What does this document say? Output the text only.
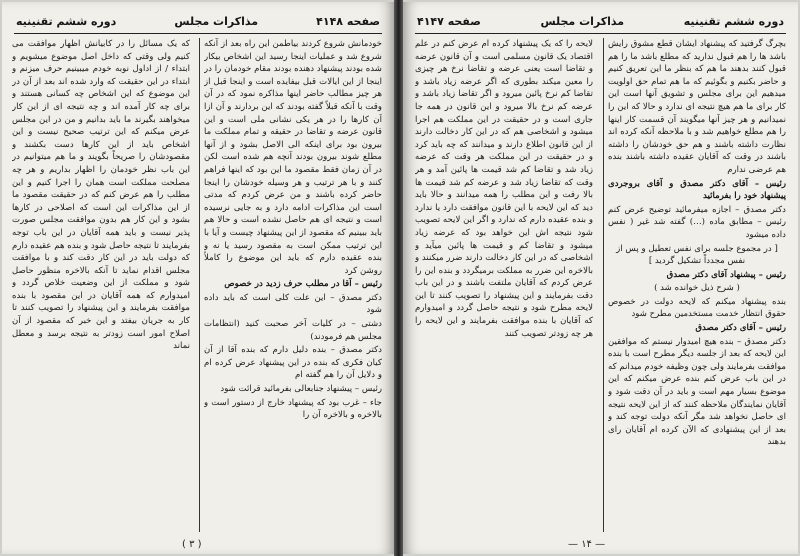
صفحه ۴۱۴۸
مذاکرات مجلس
دوره ششم تقنینیه

خودمانش شروع کردند بیاطمن این راه بعد از آنکه شروع شد و عملیات اینجا رسید این اشخاص بیکار شده بودند پیشنهاد دهنده بودند مقام خودمان را در اینجا از این ایالات قبل بیفایده است و اینجا قبل از هر چیز مطالب حاضر اینها مذاکره نمود که در آن وقت با آنکه قبلاً گفته بودند که این بردارند و آن ازا آن کارها را در هر یکی نشانی ملی است و این قانون عرضه و تقاضا در حقیقه و تمام مملکت ما بیرون بود برای اینکه الی الاصل بشود و از آنها مطلع شوند بیرون بودند آنچه هم شده است لکن در آن زمان فقط مقصود ما این بود که اینها فراهم کنند و با هر ترتیب و هر وسیله خودشان را اینجا حاضر کرده باشند و من عرض کردم که مدتی است این مذاکرات ادامه دارد و به جایی نرسیده است و نتیجه ای هم حاصل نشده است و حالا هم باید ببینیم که مقصود از این پیشنهاد چیست و آیا با این ترتیب ممکن است به مقصود رسید یا نه و بنده عقیده دارم که باید این موضوع را کاملاً روشن کرد

رئیس – آقا در مطلب حرف زدید در خصوص

دکتر مصدق – این علت کلی است که باید داده شود

دشتی – در کلیات آخر صحبت کنید (انتظامات مجلس هم فرمودند)

دکتر مصدق – بنده دلیل دارم که بنده آقا از آن کیان فکری که بنده در این پیشنهاد عرض کرده ام و دلایل آن را هم گفته ام

رئیس – پیشنهاد جنابعالی بفرمائید قرائت شود

جاء – غرب بود که پیشنهاد خارج از دستور است و بالاخره و بالاخره آن را

که یک مسائل را در کابیانش اظهار موافقت می کنیم ولی وقتی که داخل اصل موضوع میشویم و ابتداء / از اداول نوبه خودم میبینیم حرف میزنم و ابتداء در این حقیقت که وارد شده اند بعد از آن در این موضوع که این اشخاص چه کسانی هستند و برای چه کار آمده اند و چه نتیجه ای از این کار میخواهند بگیرند ما باید بدانیم و من در این مجلس عرض میکنم که این ترتیب صحیح نیست و این اشخاص باید از این کارها دست بکشند و مقصودشان را صریحاً بگویند و ما هم میتوانیم در این باب نظر خودمان را اظهار بداریم و هر چه مصلحت مملکت است همان را اجرا کنیم و این مطلب را هم عرض کنم که در حقیقت مقصود ما از این مذاکرات این است که اصلاحی در کارها بشود و این کار هم بدون موافقت مجلس صورت پذیر نیست و باید همه آقایان در این باب توجه بفرمایند تا نتیجه حاصل شود و بنده هم عقیده دارم که دولت باید در این کار دقت کند و با موافقت مجلس اقدام نماید تا آنکه بالاخره منظور حاصل شود و مملکت از این وضعیت خلاص گردد و امیدوارم که همه آقایان در این مقصود با بنده موافقت بفرمایند و این پیشنهاد را تصویب کنند تا کار به جریان بیفتد و این خبر که مقصود از آن اصلاح امور است زودتر به نتیجه برسد و معطل نماند

( ۳ )
دوره ششم تقنینیه
مذاکرات مجلس
صفحه ۴۱۴۷

بچرگ گرفتید که پیشنهاد ایشان قطع مشوق رایش باشد ها را هم قبول ندارید که مطلع باشد ما را هم قبول کنند بدهند ما هم که بنظر ما این تعریق کنیم و حاضر بکنیم و بگوئیم که ما هم تمام حق اولویت میدهیم این برای مجلس و تشویق آنها است این کار برای ما هم هیچ نتیجه ای ندارد و حالا که این را نمیدانیم و هر چیز آنها میگویند آن قسمت کار اینها را هم مطلع خواهیم شد و با ملاحظه آنکه کرده اند نظارت داشته باشند و هم حق خودشان را داشته باشند در وقت که آقایان عقیده داشته باشند بنده هم عرضی ندارم

رئیس – آقای دکتر مصدق و آقای بروجردی پیشنهاد خود را بفرمائید

دکتر مصدق – اجازه میفرمائید توضیح عرض کنم رئیس – مطابق ماده (…) گفته شد غیر ( نفس داده میشود

[ در مجموع جلسه برای نفس تعطیل و پس از نفس مجدداً تشکیل گردید ]

رئیس – پیشنهاد آقای دکتر مصدق

( شرح ذیل خوانده شد )

بنده پیشنهاد میکنم که لایحه دولت در خصوص حقوق انتظار خدمت مستخدمین مطرح شود

رئیس – آقای دکتر مصدق

دکتر مصدق – بنده هیچ امیدوار نیستم که موافقین این لایحه که بعد از جلسه دیگر مطرح است با بنده موافقت بفرمایند ولی چون وظیفه خودم میدانم که در این باب عرض کنم بنده عرض میکنم که این موضوع بسیار مهم است و باید در آن دقت شود و آقایان نمایندگان ملاحظه کنند که از این لایحه نتیجه ای حاصل نخواهد شد مگر آنکه دولت توجه کند و بعد از این پیشنهادی که الآن کرده ام آقایان رای بدهند

لایحه را که یک پیشنهاد کرده ام عرض کنم در علم اقتصاد یک قانون مسلمی است و آن قانون عرضه و تقاضا است یعنی عرضه و تقاضا نرخ هر چیزی را معین میکند بطوری که اگر عرضه زیاد باشد و تقاضا کم نرخ پائین میرود و اگر تقاضا زیاد باشد و عرضه کم نرخ بالا میرود و این قانون در همه جا جاری است و در حقیقت در این مملکت هم اجرا میشود و اشخاصی هم که در این کار دخالت دارند از این قانون اطلاع دارند و میدانند که چه باید کرد و در حقیقت در این مملکت هر وقت که عرضه زیاد شد و تقاضا کم شد قیمت ها پائین آمد و هر وقت که تقاضا زیاد شد و عرضه کم شد قیمت ها بالا رفت و این مطلب را همه میدانند و حالا باید دید که این لایحه با این قانون موافقت دارد یا ندارد و بنده عقیده دارم که ندارد و اگر این لایحه تصویب شود نتیجه اش این خواهد بود که عرضه زیاد میشود و تقاضا کم و قیمت ها پائین میآید و اشخاصی که در این کار دخالت دارند ضرر میکنند و بالاخره این ضرر به مملکت برمیگردد و بنده این را عرض کردم که آقایان ملتفت باشند و در این باب دقت بفرمایند و این پیشنهاد را تصویب کنند تا این لایحه مطرح شود و نتیجه حاصل گردد و امیدوارم که آقایان با بنده موافقت بفرمایند و این لایحه را هر چه زودتر تصویب کنند

— ۱۴ —
